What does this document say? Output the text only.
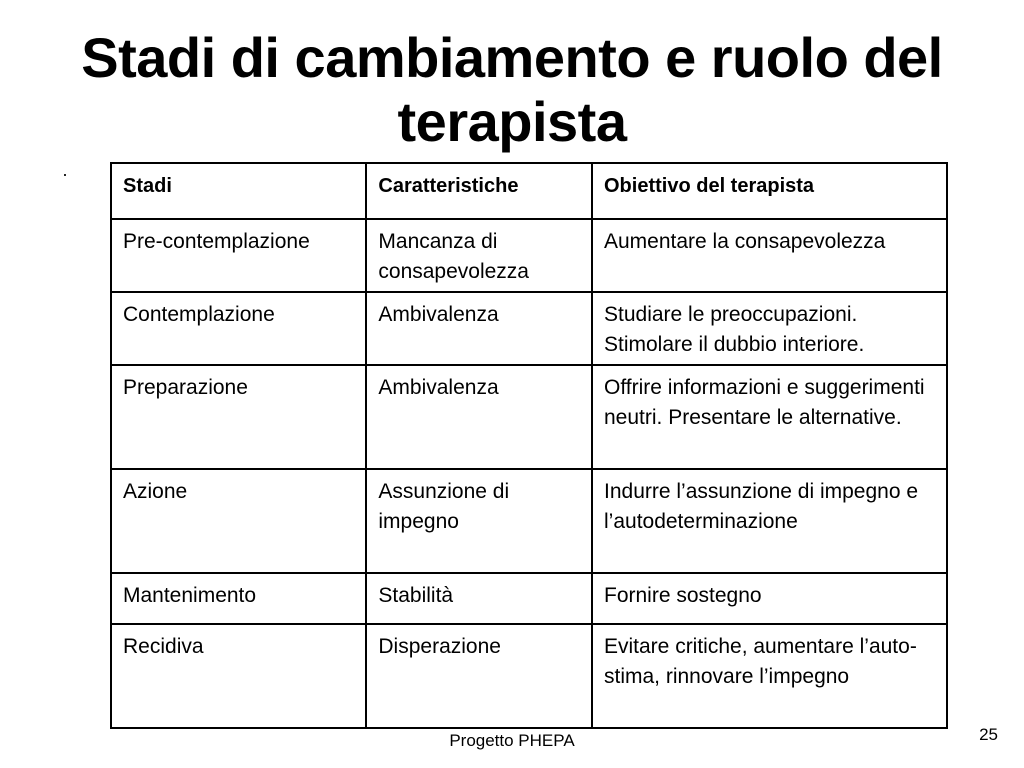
Stadi di cambiamento e ruolo del terapista
·
Stadi	Caratteristiche	Obiettivo del terapista
Pre-contemplazione	Mancanza di consapevolezza	Aumentare la consapevolezza
Contemplazione	Ambivalenza	Studiare le preoccupazioni. Stimolare il dubbio interiore.
Preparazione	Ambivalenza	Offrire informazioni e suggerimenti neutri. Presentare le alternative.
Azione	Assunzione di impegno	Indurre l’assunzione di impegno e l’autodeterminazione
Mantenimento	Stabilità	Fornire sostegno
Recidiva	Disperazione	Evitare critiche, aumentare l’auto-stima, rinnovare l’impegno
Progetto PHEPA	25
